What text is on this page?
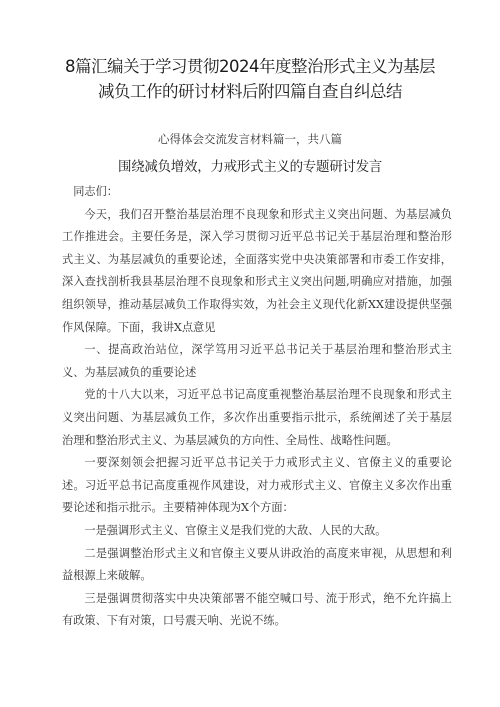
8篇汇编关于学习贯彻2024年度整治形式主义为基层
减负工作的研讨材料后附四篇自查自纠总结
心得体会交流发言材料篇一，共八篇
围绕减负增效，力戒形式主义的专题研讨发言

同志们：

今天，我们召开整治基层治理不良现象和形式主义突出问题、为基层减负工作推进会。主要任务是，深入学习贯彻习近平总书记关于基层治理和整治形式主义、为基层减负的重要论述，全面落实党中央决策部署和市委工作安排，深入查找剖析我县基层治理不良现象和形式主义突出问题,明确应对措施，加强组织领导，推动基层减负工作取得实效，为社会主义现代化新XX建设提供坚强作风保障。下面，我讲X点意见

一、提高政治站位，深学笃用习近平总书记关于基层治理和整治形式主义、为基层减负的重要论述

党的十八大以来，习近平总书记高度重视整治基层治理不良现象和形式主义突出问题、为基层减负工作，多次作出重要指示批示，系统阐述了关于基层治理和整治形式主义、为基层减负的方向性、全局性、战略性问题。

一要深刻领会把握习近平总书记关于力戒形式主义、官僚主义的重要论述。习近平总书记高度重视作风建设，对力戒形式主义、官僚主义多次作出重要论述和指示批示。主要精神体现为X个方面：

一是强调形式主义、官僚主义是我们党的大敌、人民的大敌。

二是强调整治形式主义和官僚主义要从讲政治的高度来审视，从思想和利益根源上来破解。

三是强调贯彻落实中央决策部署不能空喊口号、流于形式，绝不允许搞上有政策、下有对策，口号震天响、光说不练。
